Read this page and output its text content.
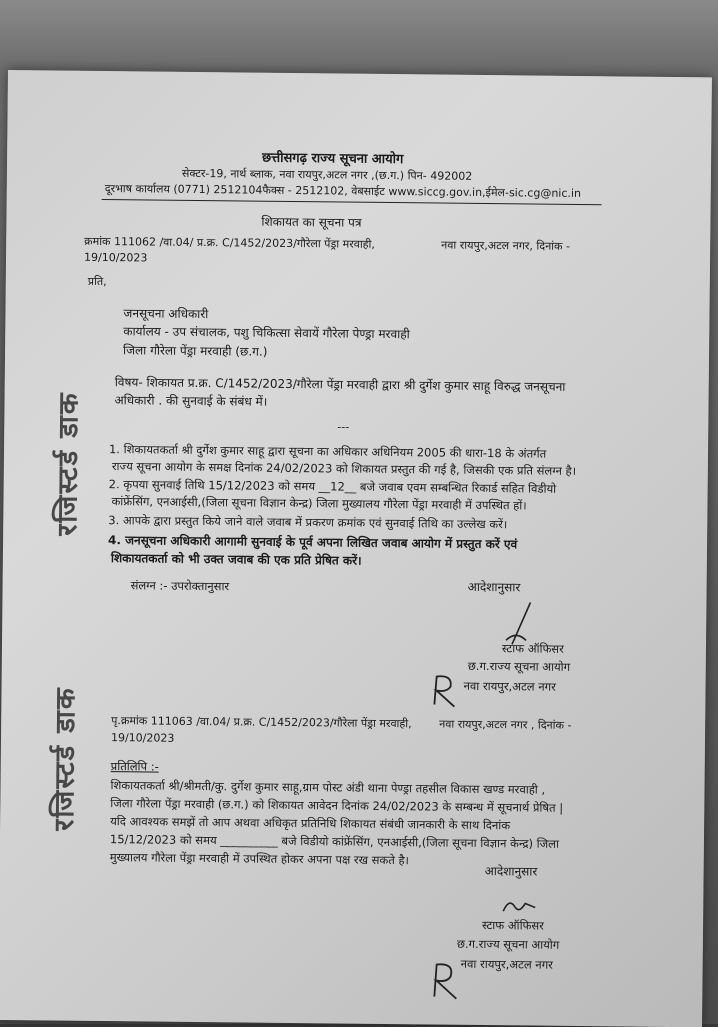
छत्तीसगढ़ राज्य सूचना आयोग
सेक्टर-19, नार्थ ब्लाक, नवा रायपुर,अटल नगर ,(छ.ग.) पिन- 492002
दूरभाष कार्यालय (0771) 2512104फैक्स - 2512102, वेबसाईट www.sicсg.gov.in,ईमेल-sic.cg@nic.in
शिकायत का सूचना पत्र
क्रमांक 111062 /वा.04/ प्र.क्र. C/1452/2023/गौरेला पेंड्रा मरवाही,	नवा रायपुर,अटल नगर, दिनांक -
19/10/2023
प्रति,
जनसूचना अधिकारी
कार्यालय - उप संचालक, पशु चिकित्सा सेवायें गौरेला पेण्ड्रा मरवाही
जिला गौरेला पेंड्रा मरवाही (छ.ग.)
विषय- शिकायत प्र.क्र. C/1452/2023/गौरेला पेंड्रा मरवाही द्वारा श्री दुर्गेश कुमार साहू विरुद्ध जनसूचना
अधिकारी . की सुनवाई के संबंध में।
---
1. शिकायतकर्ता श्री दुर्गेश कुमार साहू द्वारा सूचना का अधिकार अधिनियम 2005 की धारा-18 के अंतर्गत
राज्य सूचना आयोग के समक्ष दिनांक 24/02/2023 को शिकायत प्रस्तुत की गई है, जिसकी एक प्रति संलग्न है।
2. कृपया सुनवाई तिथि 15/12/2023 को समय __12__ बजे जवाब एवम सम्बन्धित रिकार्ड सहित विडीयो
कांफ्रेंसिंग, एनआईसी,(जिला सूचना विज्ञान केन्द्र) जिला मुख्यालय गौरेला पेंड्रा मरवाही में उपस्थित हों।
3. आपके द्वारा प्रस्तुत किये जाने वाले जवाब में प्रकरण क्रमांक एवं सुनवाई तिथि का उल्लेख करें।
4. जनसूचना अधिकारी आगामी सुनवाई के पूर्व अपना लिखित जवाब आयोग में प्रस्तुत करें एवं
शिकायतकर्ता को भी उक्त जवाब की एक प्रति प्रेषित करें।
संलग्न :- उपरोक्तानुसार	आदेशानुसार
स्टाफ ऑफिसर
छ.ग.राज्य सूचना आयोग
नवा रायपुर,अटल नगर
पृ.क्रमांक 111063 /वा.04/ प्र.क्र. C/1452/2023/गौरेला पेंड्रा मरवाही, नवा रायपुर,अटल नगर , दिनांक -
19/10/2023
प्रतिलिपि :-
शिकायतकर्ता श्री/श्रीमती/कु. दुर्गेश कुमार साहू,ग्राम पोस्ट अंडी थाना पेण्ड्रा तहसील विकास खण्ड मरवाही ,
जिला गौरेला पेंड्रा मरवाही (छ.ग.) को शिकायत आवेदन दिनांक 24/02/2023 के सम्बन्ध में सूचनार्थ प्रेषित |
यदि आवश्यक समझें तो आप अथवा अधिकृत प्रतिनिधि शिकायत संबंधी जानकारी के साथ दिनांक
15/12/2023 को समय __________ बजे विडीयो कांफ्रेंसिंग, एनआईसी,(जिला सूचना विज्ञान केन्द्र) जिला
मुख्यालय गौरेला पेंड्रा मरवाही में उपस्थित होकर अपना पक्ष रख सकते है।
आदेशानुसार
स्टाफ ऑफिसर
छ.ग.राज्य सूचना आयोग
नवा रायपुर,अटल नगर
रजिस्टर्ड डाक
रजिस्टर्ड डाक
